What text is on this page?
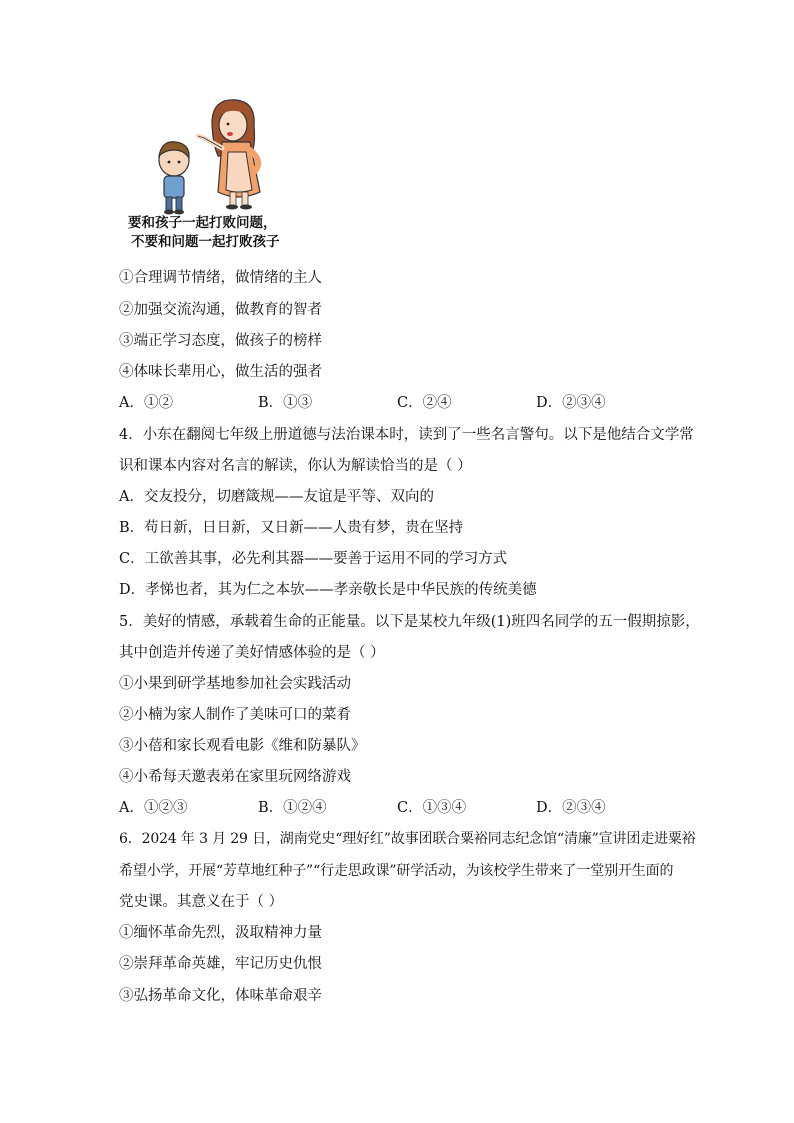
要和孩子一起打败问题，
不要和问题一起打败孩子
①合理调节情绪，做情绪的主人
②加强交流沟通，做教育的智者
③端正学习态度，做孩子的榜样
④体味长辈用心，做生活的强者
A．①②	B．①③	C．②④	D．②③④
4．小东在翻阅七年级上册道德与法治课本时，读到了一些名言警句。以下是他结合文学常
识和课本内容对名言的解读，你认为解读恰当的是（ ）
A．交友投分，切磨箴规——友谊是平等、双向的
B．苟日新，日日新，又日新——人贵有梦，贵在坚持
C．工欲善其事，必先利其器——要善于运用不同的学习方式
D．孝悌也者，其为仁之本欤——孝亲敬长是中华民族的传统美德
5．美好的情感，承载着生命的正能量。以下是某校九年级(1)班四名同学的五一假期掠影，
其中创造并传递了美好情感体验的是（ ）
①小果到研学基地参加社会实践活动
②小楠为家人制作了美味可口的菜肴
③小蓓和家长观看电影《维和防暴队》
④小希每天邀表弟在家里玩网络游戏
A．①②③	B．①②④	C．①③④	D．②③④
6．2024 年 3 月 29 日，湖南党史“理好红”故事团联合粟裕同志纪念馆“清廉”宣讲团走进粟裕
希望小学，开展“芳草地红种子”“行走思政课”研学活动，为该校学生带来了一堂别开生面的
党史课。其意义在于（ ）
①缅怀革命先烈，汲取精神力量
②崇拜革命英雄，牢记历史仇恨
③弘扬革命文化，体味革命艰辛
